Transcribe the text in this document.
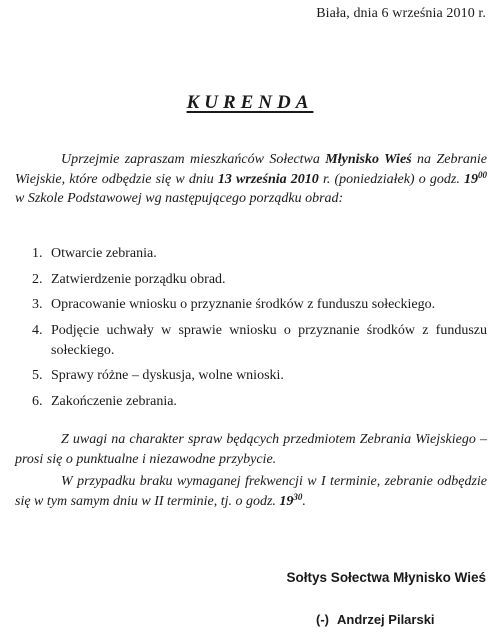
Biała, dnia 6 września 2010 r.
KURENDA

Uprzejmie zapraszam mieszkańców Sołectwa Młynisko Wieś na Zebranie Wiejskie, które odbędzie się w dniu 13 września 2010 r. (poniedziałek) o godz. $19^{00}$ w Szkole Podstawowej wg następującego porządku obrad:

1. Otwarcie zebrania.
2. Zatwierdzenie porządku obrad.
3. Opracowanie wniosku o przyznanie środków z funduszu sołeckiego.
4. Podjęcie uchwały w sprawie wniosku o przyznanie środków z funduszu sołeckiego.
5. Sprawy różne – dyskusja, wolne wnioski.
6. Zakończenie zebrania.

Z uwagi na charakter spraw będących przedmiotem Zebrania Wiejskiego – prosi się o punktualne i niezawodne przybycie.

W przypadku braku wymaganej frekwencji w I terminie, zebranie odbędzie się w tym samym dniu w II terminie, tj. o godz. $19^{30}$.

Sołtys Sołectwa Młynisko Wieś
(-) Andrzej Pilarski
